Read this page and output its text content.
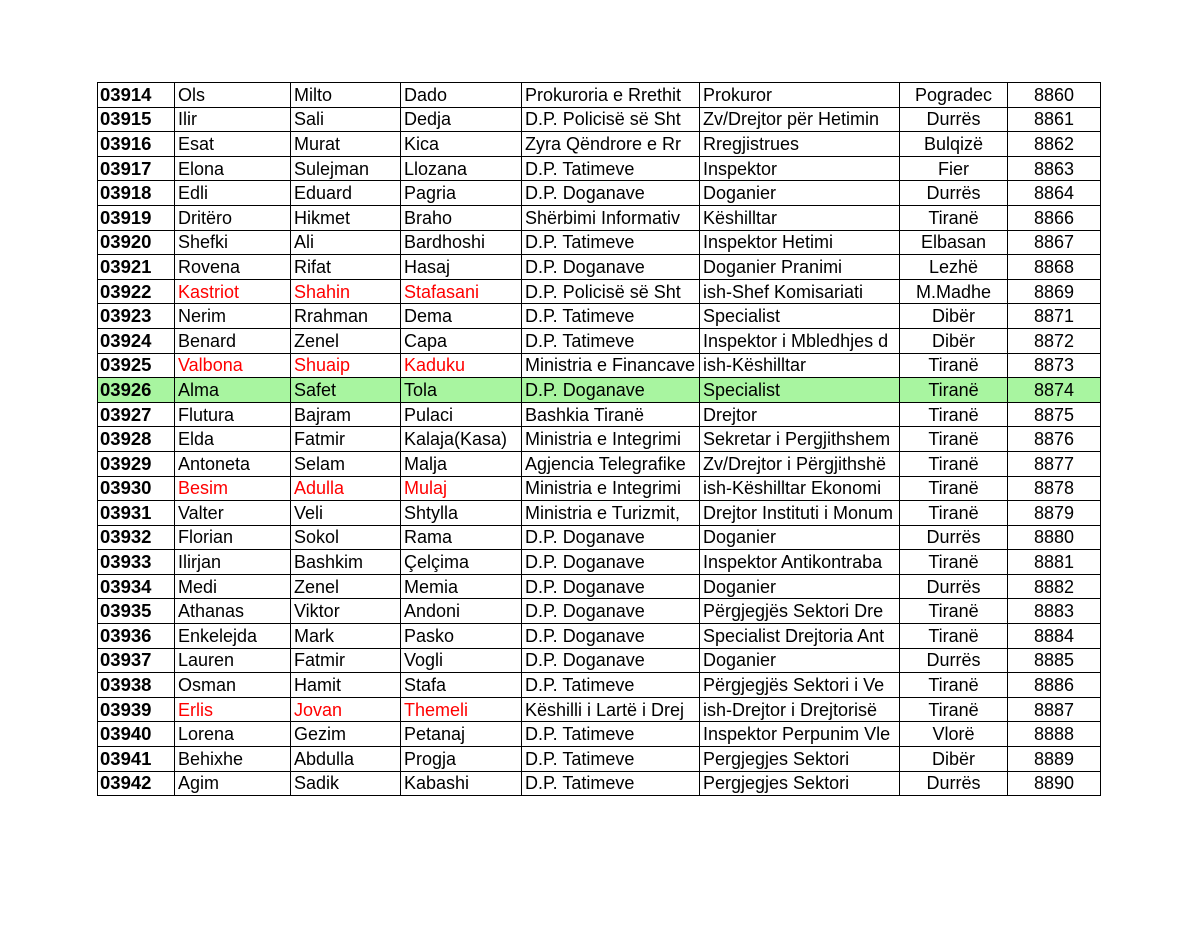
03914	Ols	Milto	Dado	Prokuroria e Rrethit	Prokuror	Pogradec	8860
03915	Ilir	Sali	Dedja	D.P. Policisë së Sht	Zv/Drejtor për Hetimin	Durrës	8861
03916	Esat	Murat	Kica	Zyra Qëndrore e Rr	Rregjistrues	Bulqizë	8862
03917	Elona	Sulejman	Llozana	D.P. Tatimeve	Inspektor	Fier	8863
03918	Edli	Eduard	Pagria	D.P. Doganave	Doganier	Durrës	8864
03919	Dritëro	Hikmet	Braho	Shërbimi Informativ	Këshilltar	Tiranë	8866
03920	Shefki	Ali	Bardhoshi	D.P. Tatimeve	Inspektor Hetimi	Elbasan	8867
03921	Rovena	Rifat	Hasaj	D.P. Doganave	Doganier Pranimi	Lezhë	8868
03922	Kastriot	Shahin	Stafasani	D.P. Policisë së Sht	ish-Shef Komisariati	M.Madhe	8869
03923	Nerim	Rrahman	Dema	D.P. Tatimeve	Specialist	Dibër	8871
03924	Benard	Zenel	Capa	D.P. Tatimeve	Inspektor i Mbledhjes d	Dibër	8872
03925	Valbona	Shuaip	Kaduku	Ministria e Financave	ish-Këshilltar	Tiranë	8873
03926	Alma	Safet	Tola	D.P. Doganave	Specialist	Tiranë	8874
03927	Flutura	Bajram	Pulaci	Bashkia Tiranë	Drejtor	Tiranë	8875
03928	Elda	Fatmir	Kalaja(Kasa)	Ministria e Integrimi	Sekretar i Pergjithshem	Tiranë	8876
03929	Antoneta	Selam	Malja	Agjencia Telegrafike	Zv/Drejtor i Përgjithshë	Tiranë	8877
03930	Besim	Adulla	Mulaj	Ministria e Integrimi	ish-Këshilltar Ekonomi	Tiranë	8878
03931	Valter	Veli	Shtylla	Ministria e Turizmit,	Drejtor Instituti i Monum	Tiranë	8879
03932	Florian	Sokol	Rama	D.P. Doganave	Doganier	Durrës	8880
03933	Ilirjan	Bashkim	Çelçima	D.P. Doganave	Inspektor Antikontraba	Tiranë	8881
03934	Medi	Zenel	Memia	D.P. Doganave	Doganier	Durrës	8882
03935	Athanas	Viktor	Andoni	D.P. Doganave	Përgjegjës Sektori Dre	Tiranë	8883
03936	Enkelejda	Mark	Pasko	D.P. Doganave	Specialist Drejtoria Ant	Tiranë	8884
03937	Lauren	Fatmir	Vogli	D.P. Doganave	Doganier	Durrës	8885
03938	Osman	Hamit	Stafa	D.P. Tatimeve	Përgjegjës Sektori i Ve	Tiranë	8886
03939	Erlis	Jovan	Themeli	Këshilli i Lartë i Drej	ish-Drejtor i Drejtorisë	Tiranë	8887
03940	Lorena	Gezim	Petanaj	D.P. Tatimeve	Inspektor Perpunim Vle	Vlorë	8888
03941	Behixhe	Abdulla	Progja	D.P. Tatimeve	Pergjegjes Sektori	Dibër	8889
03942	Agim	Sadik	Kabashi	D.P. Tatimeve	Pergjegjes Sektori	Durrës	8890
